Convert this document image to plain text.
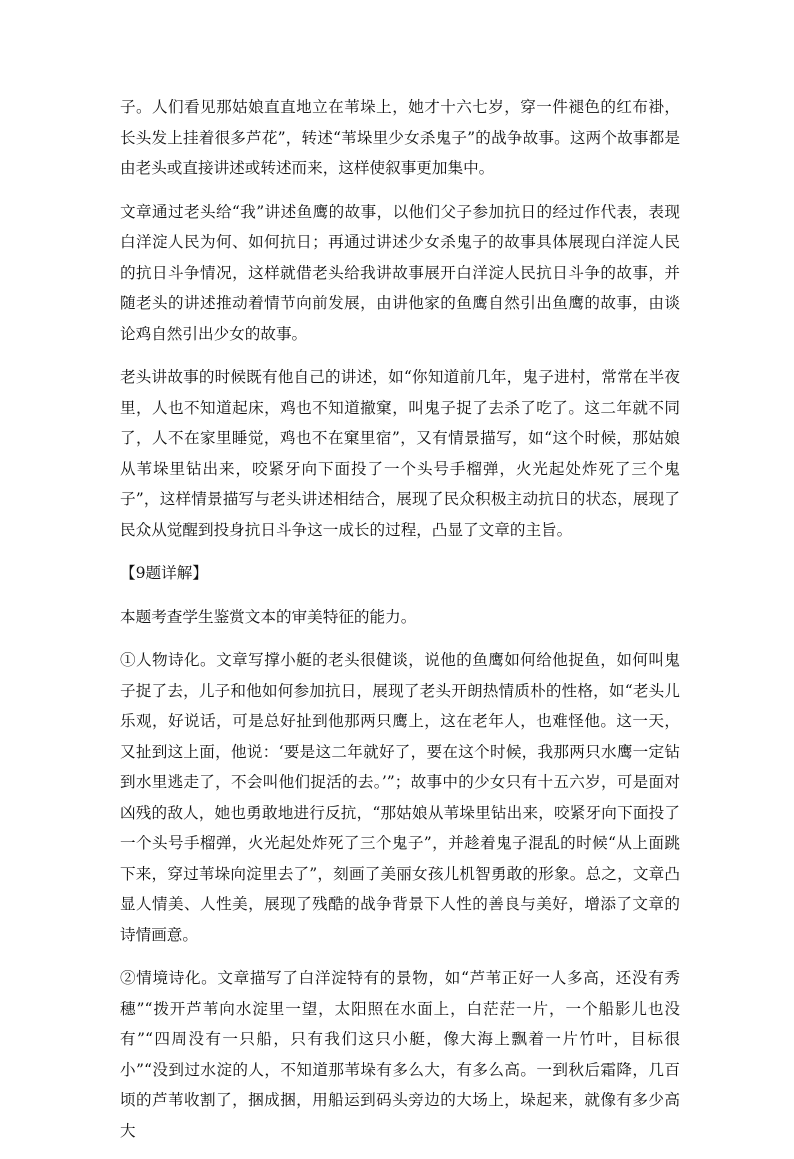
子。人们看见那姑娘直直地立在苇垛上，她才十六七岁，穿一件褪色的红布褂，长头发上挂着很多芦花”，转述“苇垛里少女杀鬼子”的战争故事。这两个故事都是由老头或直接讲述或转述而来，这样使叙事更加集中。

文章通过老头给“我”讲述鱼鹰的故事，以他们父子参加抗日的经过作代表，表现白洋淀人民为何、如何抗日；再通过讲述少女杀鬼子的故事具体展现白洋淀人民的抗日斗争情况，这样就借老头给我讲故事展开白洋淀人民抗日斗争的故事，并随老头的讲述推动着情节向前发展，由讲他家的鱼鹰自然引出鱼鹰的故事，由谈论鸡自然引出少女的故事。

老头讲故事的时候既有他自己的讲述，如“你知道前几年，鬼子进村，常常在半夜里，人也不知道起床，鸡也不知道撤窠，叫鬼子捉了去杀了吃了。这二年就不同了，人不在家里睡觉，鸡也不在窠里宿”，又有情景描写，如“这个时候，那姑娘从苇垛里钻出来，咬紧牙向下面投了一个头号手榴弹，火光起处炸死了三个鬼子”，这样情景描写与老头讲述相结合，展现了民众积极主动抗日的状态，展现了民众从觉醒到投身抗日斗争这一成长的过程，凸显了文章的主旨。

【9题详解】

本题考查学生鉴赏文本的审美特征的能力。

①人物诗化。文章写撑小艇的老头很健谈，说他的鱼鹰如何给他捉鱼，如何叫鬼子捉了去，儿子和他如何参加抗日，展现了老头开朗热情质朴的性格，如“老头儿乐观，好说话，可是总好扯到他那两只鹰上，这在老年人，也难怪他。这一天，又扯到这上面，他说：‘要是这二年就好了，要在这个时候，我那两只水鹰一定钻到水里逃走了，不会叫他们捉活的去。’”；故事中的少女只有十五六岁，可是面对凶残的敌人，她也勇敢地进行反抗，“那姑娘从苇垛里钻出来，咬紧牙向下面投了一个头号手榴弹，火光起处炸死了三个鬼子”，并趁着鬼子混乱的时候“从上面跳下来，穿过苇垛向淀里去了”，刻画了美丽女孩儿机智勇敢的形象。总之，文章凸显人情美、人性美，展现了残酷的战争背景下人性的善良与美好，增添了文章的诗情画意。

②情境诗化。文章描写了白洋淀特有的景物，如“芦苇正好一人多高，还没有秀穗”“拨开芦苇向水淀里一望，太阳照在水面上，白茫茫一片，一个船影儿也没有”“四周没有一只船，只有我们这只小艇，像大海上飘着一片竹叶，目标很小”“没到过水淀的人，不知道那苇垛有多么大，有多么高。一到秋后霜降，几百顷的芦苇收割了，捆成捆，用船运到码头旁边的大场上，垛起来，就像有多少高大
